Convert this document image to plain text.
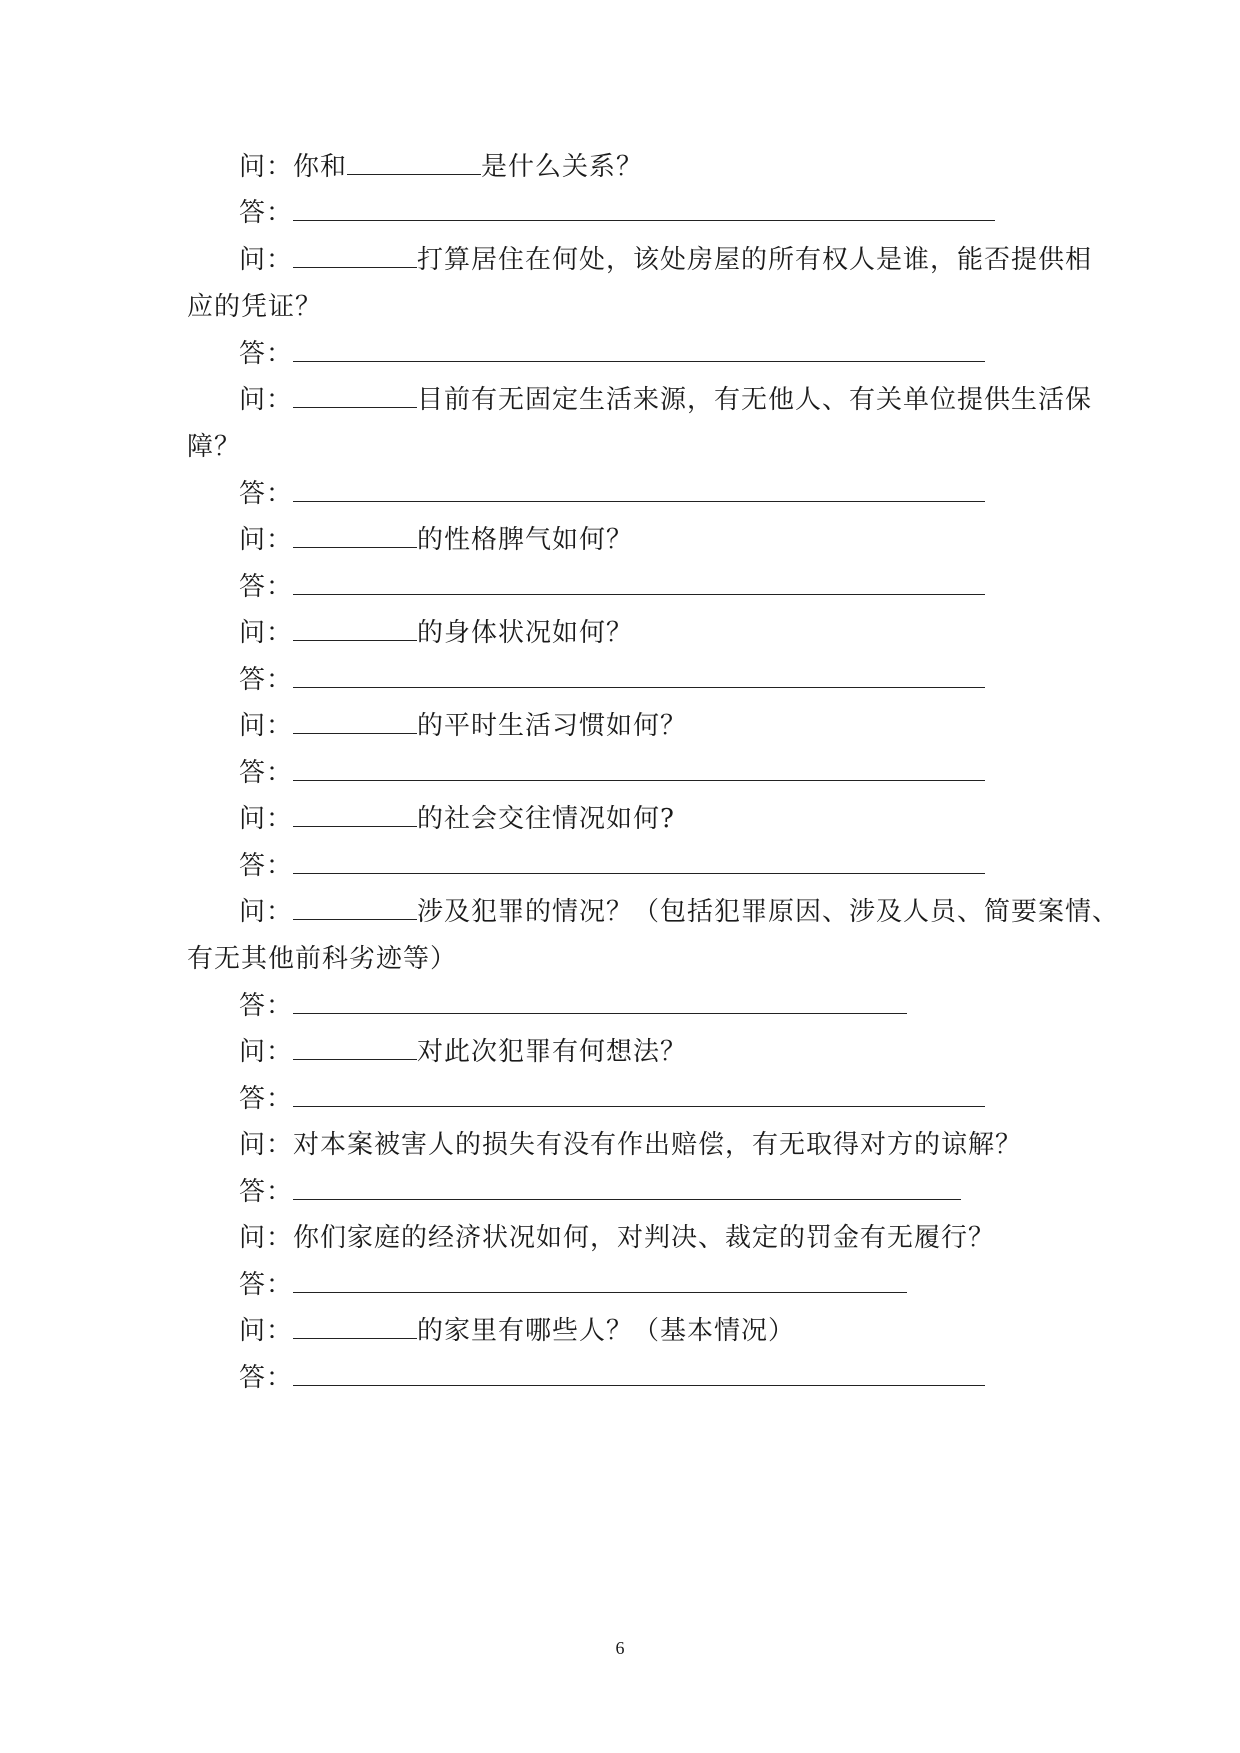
问：你和	是什么关系？
答：
问：	打算居住在何处，该处房屋的所有权人是谁，能否提供相
应的凭证？
答：
问：	目前有无固定生活来源，有无他人、有关单位提供生活保
障？
答：
问：	的性格脾气如何？
答：
问：	的身体状况如何？
答：
问：	的平时生活习惯如何？
答：
问：	的社会交往情况如何?
答：
问：	涉及犯罪的情况？（包括犯罪原因、涉及人员、简要案情、
有无其他前科劣迹等）
答：
问：	对此次犯罪有何想法？
答：
问：对本案被害人的损失有没有作出赔偿，有无取得对方的谅解？
答：
问：你们家庭的经济状况如何，对判决、裁定的罚金有无履行？
答：
问：	的家里有哪些人？（基本情况）
答：
6
